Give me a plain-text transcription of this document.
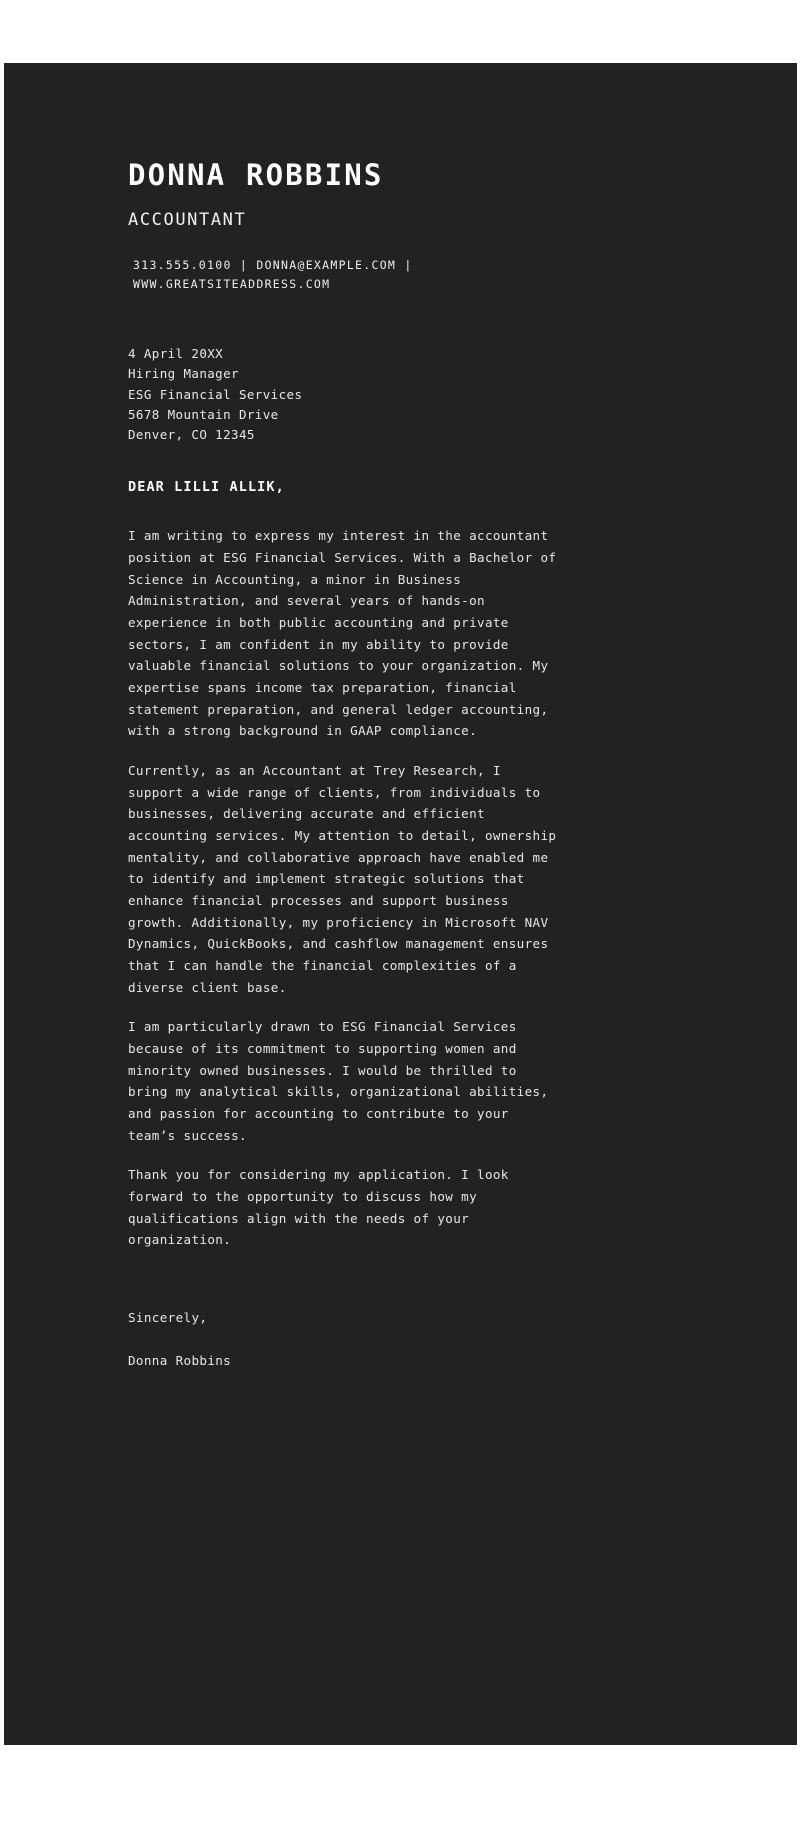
DONNA ROBBINS
ACCOUNTANT
313.555.0100 | DONNA@EXAMPLE.COM | WWW.GREATSITEADDRESS.COM

4 April 20XX

Hiring Manager

ESG Financial Services

5678 Mountain Drive

Denver, CO 12345

DEAR LILLI ALLIK,

I am writing to express my interest in the accountant position at ESG Financial Services. With a Bachelor of Science in Accounting, a minor in Business Administration, and several years of hands-on experience in both public accounting and private sectors, I am confident in my ability to provide valuable financial solutions to your organization. My expertise spans income tax preparation, financial statement preparation, and general ledger accounting, with a strong background in GAAP compliance.

Currently, as an Accountant at Trey Research, I support a wide range of clients, from individuals to businesses, delivering accurate and efficient accounting services. My attention to detail, ownership mentality, and collaborative approach have enabled me to identify and implement strategic solutions that enhance financial processes and support business growth. Additionally, my proficiency in Microsoft NAV Dynamics, QuickBooks, and cashflow management ensures that I can handle the financial complexities of a diverse client base.

I am particularly drawn to ESG Financial Services because of its commitment to supporting women and minority owned businesses. I would be thrilled to bring my analytical skills, organizational abilities, and passion for accounting to contribute to your team’s success.

Thank you for considering my application. I look forward to the opportunity to discuss how my qualifications align with the needs of your organization.

Sincerely,

Donna Robbins
